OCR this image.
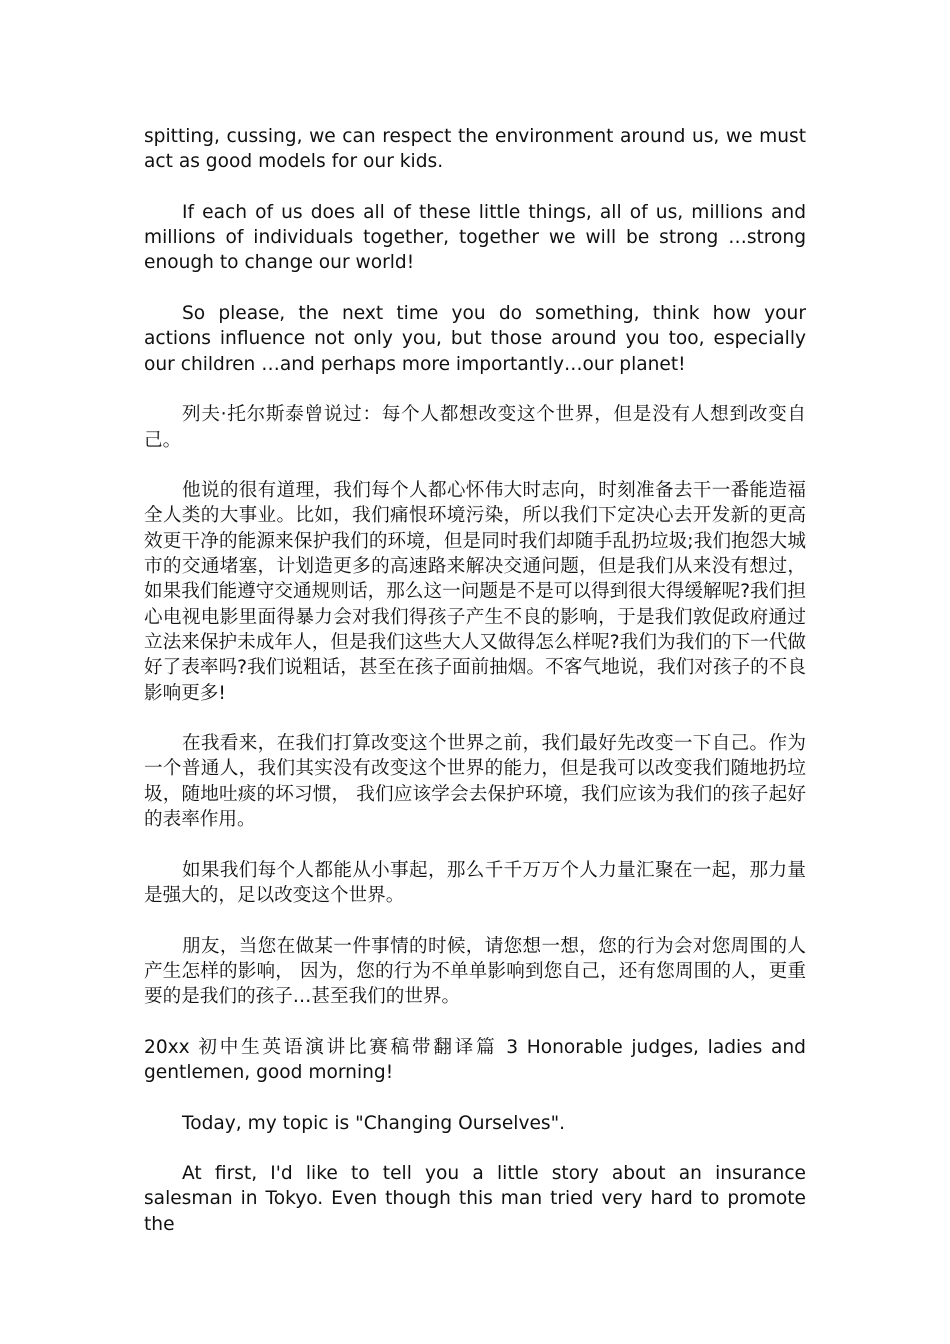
spitting, cussing, we can respect the environment around us, we must act as good models for our kids.

If each of us does all of these little things, all of us, millions and millions of individuals together, together we will be strong …strong enough to change our world!

So please, the next time you do something, think how your actions influence not only you, but those around you too, especially our children …and perhaps more importantly…our planet!

列夫·托尔斯泰曾说过：每个人都想改变这个世界，但是没有人想到改变自己。

他说的很有道理，我们每个人都心怀伟大时志向，时刻准备去干一番能造福全人类的大事业。比如，我们痛恨环境污染，所以我们下定决心去开发新的更高效更干净的能源来保护我们的环境，但是同时我们却随手乱扔垃圾;我们抱怨大城市的交通堵塞，计划造更多的高速路来解决交通问题，但是我们从来没有想过，如果我们能遵守交通规则话，那么这一问题是不是可以得到很大得缓解呢?我们担心电视电影里面得暴力会对我们得孩子产生不良的影响，于是我们敦促政府通过立法来保护未成年人，但是我们这些大人又做得怎么样呢?我们为我们的下一代做好了表率吗?我们说粗话，甚至在孩子面前抽烟。不客气地说，我们对孩子的不良影响更多!

在我看来，在我们打算改变这个世界之前，我们最好先改变一下自己。作为一个普通人，我们其实没有改变这个世界的能力，但是我可以改变我们随地扔垃圾，随地吐痰的坏习惯， 我们应该学会去保护环境，我们应该为我们的孩子起好的表率作用。

如果我们每个人都能从小事起，那么千千万万个人力量汇聚在一起，那力量是强大的，足以改变这个世界。

朋友，当您在做某一件事情的时候，请您想一想，您的行为会对您周围的人产生怎样的影响， 因为，您的行为不单单影响到您自己，还有您周围的人，更重要的是我们的孩子…甚至我们的世界。

20xx 初中生英语演讲比赛稿带翻译篇 3 Honorable judges, ladies and gentlemen, good morning!

Today, my topic is "Changing Ourselves".

At first, I'd like to tell you a little story about an insurance salesman in Tokyo. Even though this man tried very hard to promote the
